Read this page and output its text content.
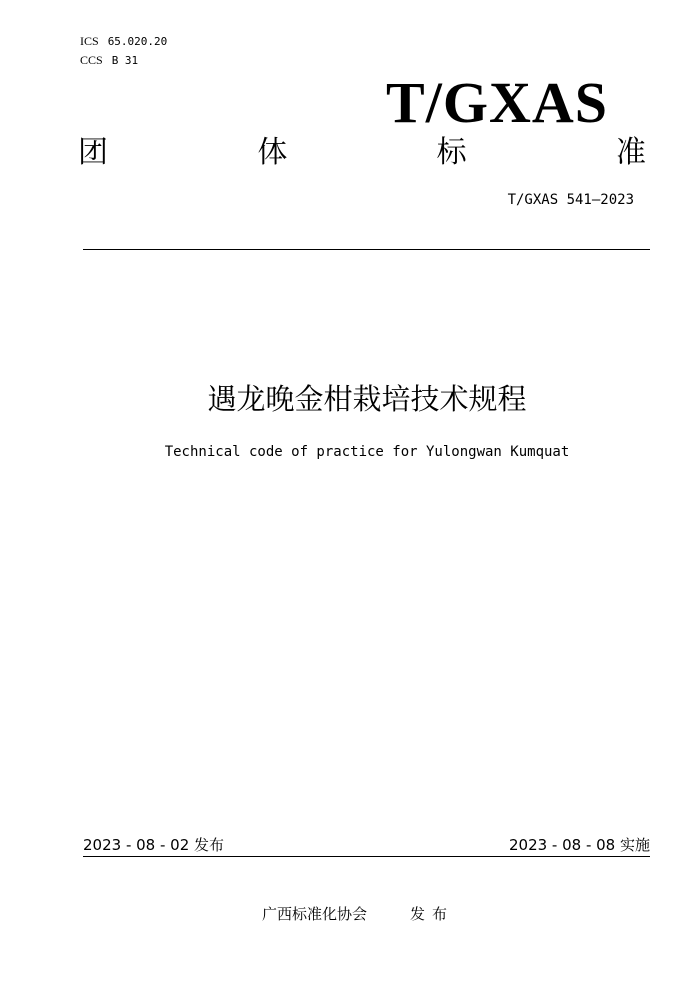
ICS 65.020.20
CCS B 31
T/GXAS
团	体	标	准
T/GXAS 541—2023
遇龙晚金柑栽培技术规程
Technical code of practice for Yulongwan Kumquat
2023 - 08 - 02 发布	2023 - 08 - 08 实施
广西标准化协会	发布
